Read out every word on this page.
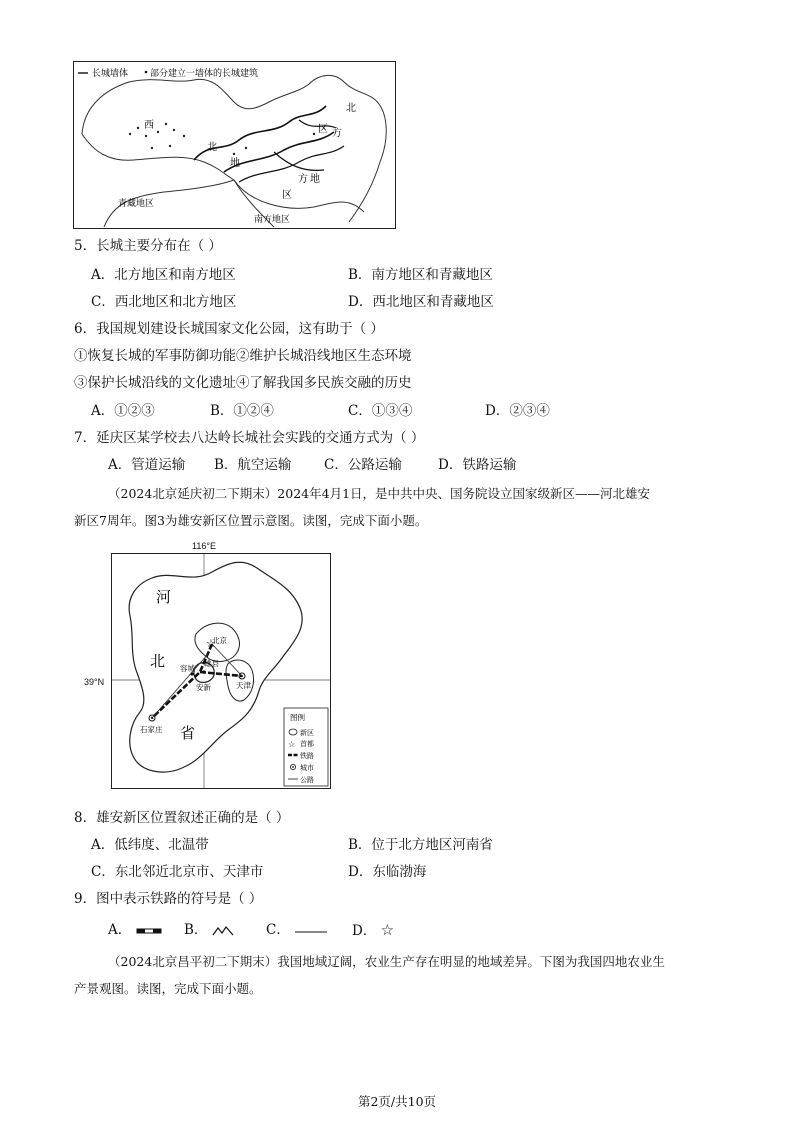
长城墙体 部分建立一墙体的长城建筑
西
北
地
北
方
区
方 地
区
青藏地区
南方地区
5．长城主要分布在（ ）
A．北方地区和南方地区	B．南方地区和青藏地区
C．西北地区和北方地区	D．西北地区和青藏地区
6．我国规划建设长城国家文化公园，这有助于（ ）
①恢复长城的军事防御功能②维护长城沿线地区生态环境
③保护长城沿线的文化遗址④了解我国多民族交融的历史
A．①②③	B．①②④	C．①③④	D．②③④
7．延庆区某学校去八达岭长城社会实践的交通方式为（ ）
A．管道运输 B．航空运输 C．公路运输	D．铁路运输
（2024北京延庆初二下期末）2024年4月1日，是中共中央、国务院设立国家级新区——河北雄安
新区7周年。图3为雄安新区位置示意图。读图，完成下面小题。
116°E
39°N
☆
北京
雄县
容城
安新	天津
石家庄
河
北
省
图例
新区
☆ 首都
铁路
城市
公路
8．雄安新区位置叙述正确的是（ ）
A．低纬度、北温带	B．位于北方地区河南省
C．东北邻近北京市、天津市	D．东临渤海
9．图中表示铁路的符号是（ ）
A．	B．	C．	D． ☆
（2024北京昌平初二下期末）我国地域辽阔，农业生产存在明显的地域差异。下图为我国四地农业生
产景观图。读图，完成下面小题。
第2页/共10页
